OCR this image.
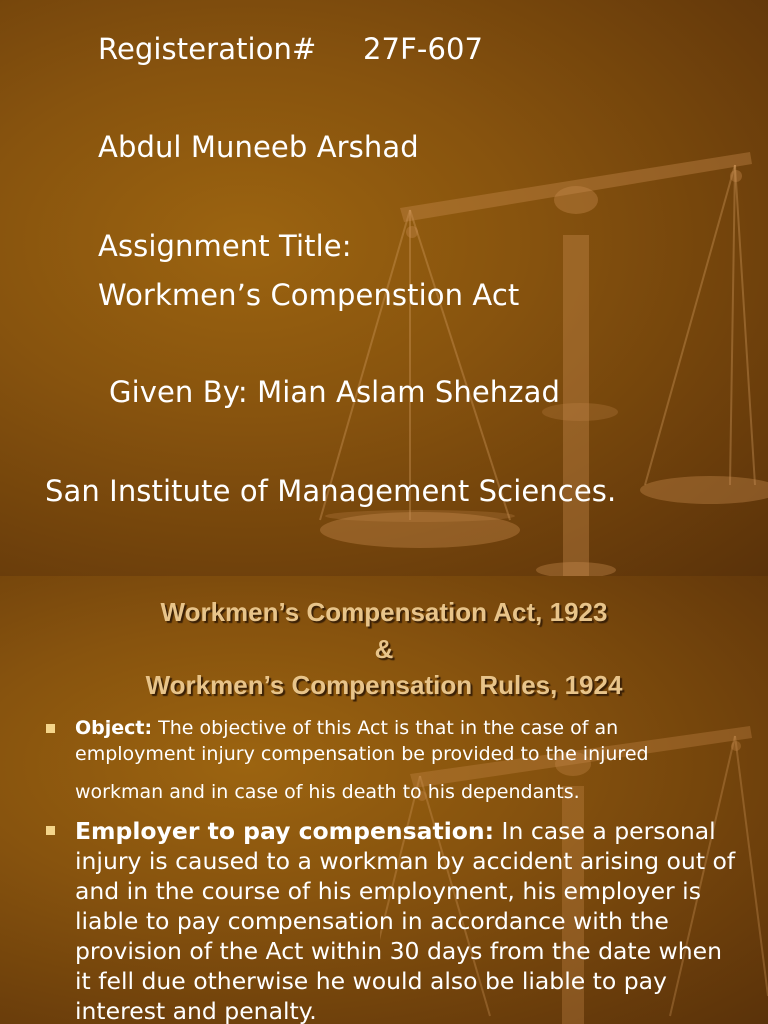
Registeration# 27F-607
Abdul Muneeb Arshad
Assignment Title:
Workmen’s Compenstion Act
Given By: Mian Aslam Shehzad
San Institute of Management Sciences.
Workmen’s Compensation Act, 1923
&
Workmen’s Compensation Rules, 1924
Object: The objective of this Act is that in the case of an
employment injury compensation be provided to the injured
workman and in case of his death to his dependants.
Employer to pay compensation: In case a personal injury is caused to a workman by accident arising out of and in the course of his employment, his employer is liable to pay compensation in accordance with the provision of the Act within 30 days from the date when it fell due otherwise he would also be liable to pay interest and penalty.
